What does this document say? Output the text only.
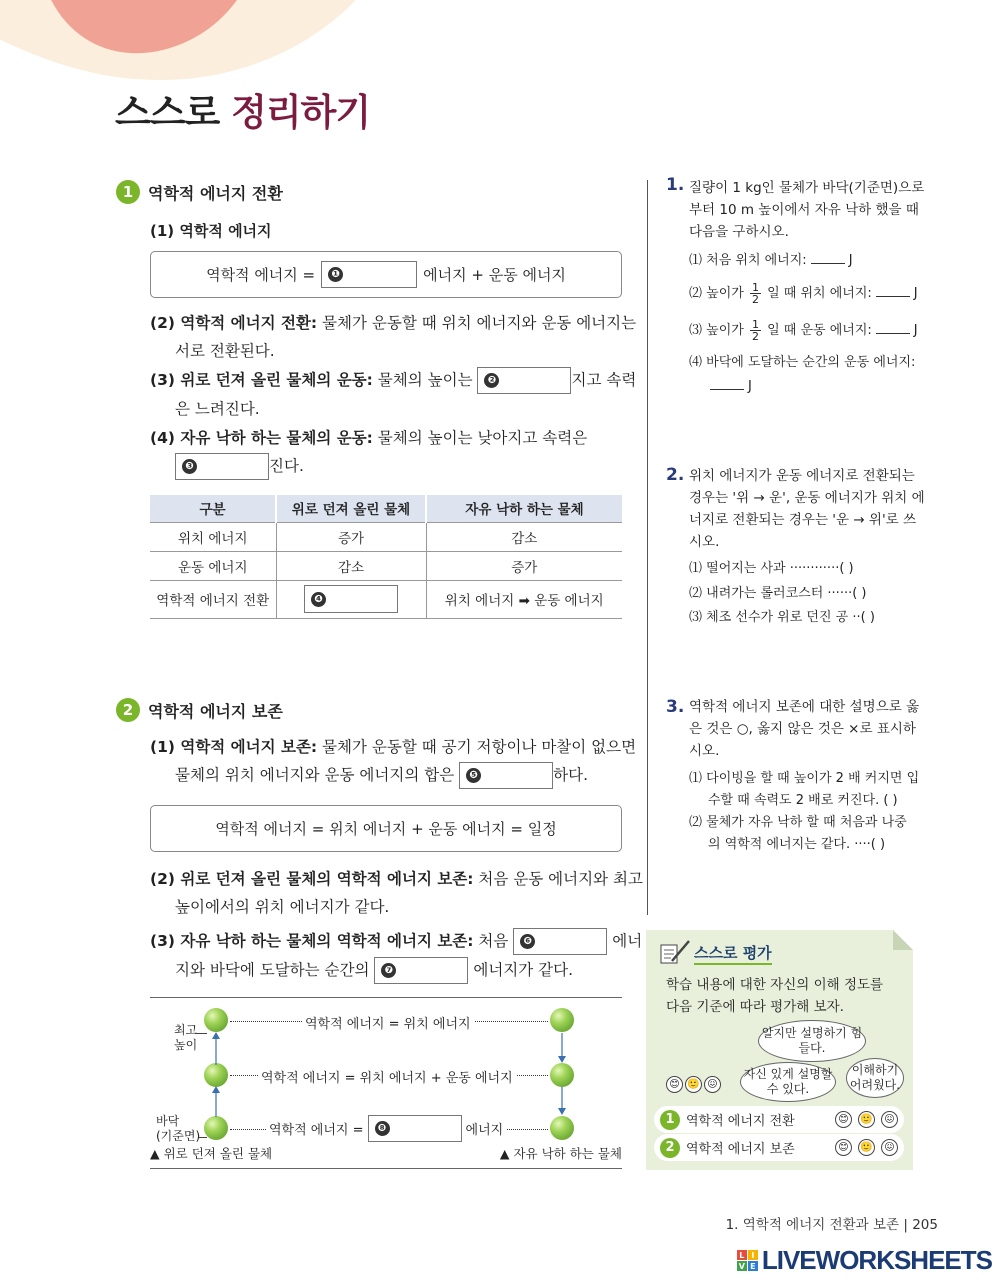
스스로 정리하기
1 역학적 에너지 전환
(1) 역학적 에너지
역학적 에너지 =	❶	에너지 + 운동 에너지
(2) 역학적 에너지 전환: 물체가 운동할 때 위치 에너지와 운동 에너지는
서로 전환된다.
(3) 위로 던져 올린 물체의 운동: 물체의 높이는	❷	지고 속력
은 느려진다.
(4) 자유 낙하 하는 물체의 운동: 물체의 높이는 낮아지고 속력은
❸	진다.
구분	위로 던져 올린 물체	자유 낙하 하는 물체
위치 에너지	증가	감소
운동 에너지	감소	증가
역학적 에너지 전환	❹	위치 에너지 ➡ 운동 에너지
2 역학적 에너지 보존
(1) 역학적 에너지 보존: 물체가 운동할 때 공기 저항이나 마찰이 없으면
물체의 위치 에너지와 운동 에너지의 합은	❺	하다.
역학적 에너지 = 위치 에너지 + 운동 에너지 = 일정
(2) 위로 던져 올린 물체의 역학적 에너지 보존: 처음 운동 에너지와 최고
높이에서의 위치 에너지가 같다.
(3) 자유 낙하 하는 물체의 역학적 에너지 보존: 처음	❻	에너
지와 바닥에 도달하는 순간의	❼	에너지가 같다.
최고
높이
바닥
(기준면)
역학적 에너지 = 위치 에너지
역학적 에너지 = 위치 에너지 + 운동 에너지
역학적 에너지 =	❽	에너지
▲ 위로 던져 올린 물체	▲ 자유 낙하 하는 물체
1. 질량이 1 kg인 물체가 바닥(기준면)으로
부터 10 m 높이에서 자유 낙하 했을 때
다음을 구하시오.
⑴ 처음 위치 에너지:	J
⑵ 높이가 $\frac{1}{2}$ 일 때 위치 에너지:	J
⑶ 높이가 $\frac{1}{2}$ 일 때 운동 에너지:	J
⑷ 바닥에 도달하는 순간의 운동 에너지:
J
2. 위치 에너지가 운동 에너지로 전환되는
경우는 '위 → 운', 운동 에너지가 위치 에
너지로 전환되는 경우는 '운 → 위'로 쓰
시오.
⑴ 떨어지는 사과 ············( )
⑵ 내려가는 롤러코스터 ······( )
⑶ 체조 선수가 위로 던진 공 ··( )
3. 역학적 에너지 보존에 대한 설명으로 옳
은 것은 ○, 옳지 않은 것은 ×로 표시하
시오.
⑴ 다이빙을 할 때 높이가 2 배 커지면 입
수할 때 속력도 2 배로 커진다. ( )
⑵ 물체가 자유 낙하 할 때 처음과 나중
의 역학적 에너지는 같다. ····( )
스스로 평가
학습 내용에 대한 자신의 이해 정도를
다음 기준에 따라 평가해 보자.
알지만 설명하기 힘들다.
자신 있게 설명할 수 있다.
이해하기 어려웠다.
😊 🙂 😖
1 역학적 에너지 전환	😊	🙂	😖
2 역학적 에너지 보존	😊	🙂	😖
1. 역학적 에너지 전환과 보존 | 205
L I
V E LIVEWORKSHEETS
